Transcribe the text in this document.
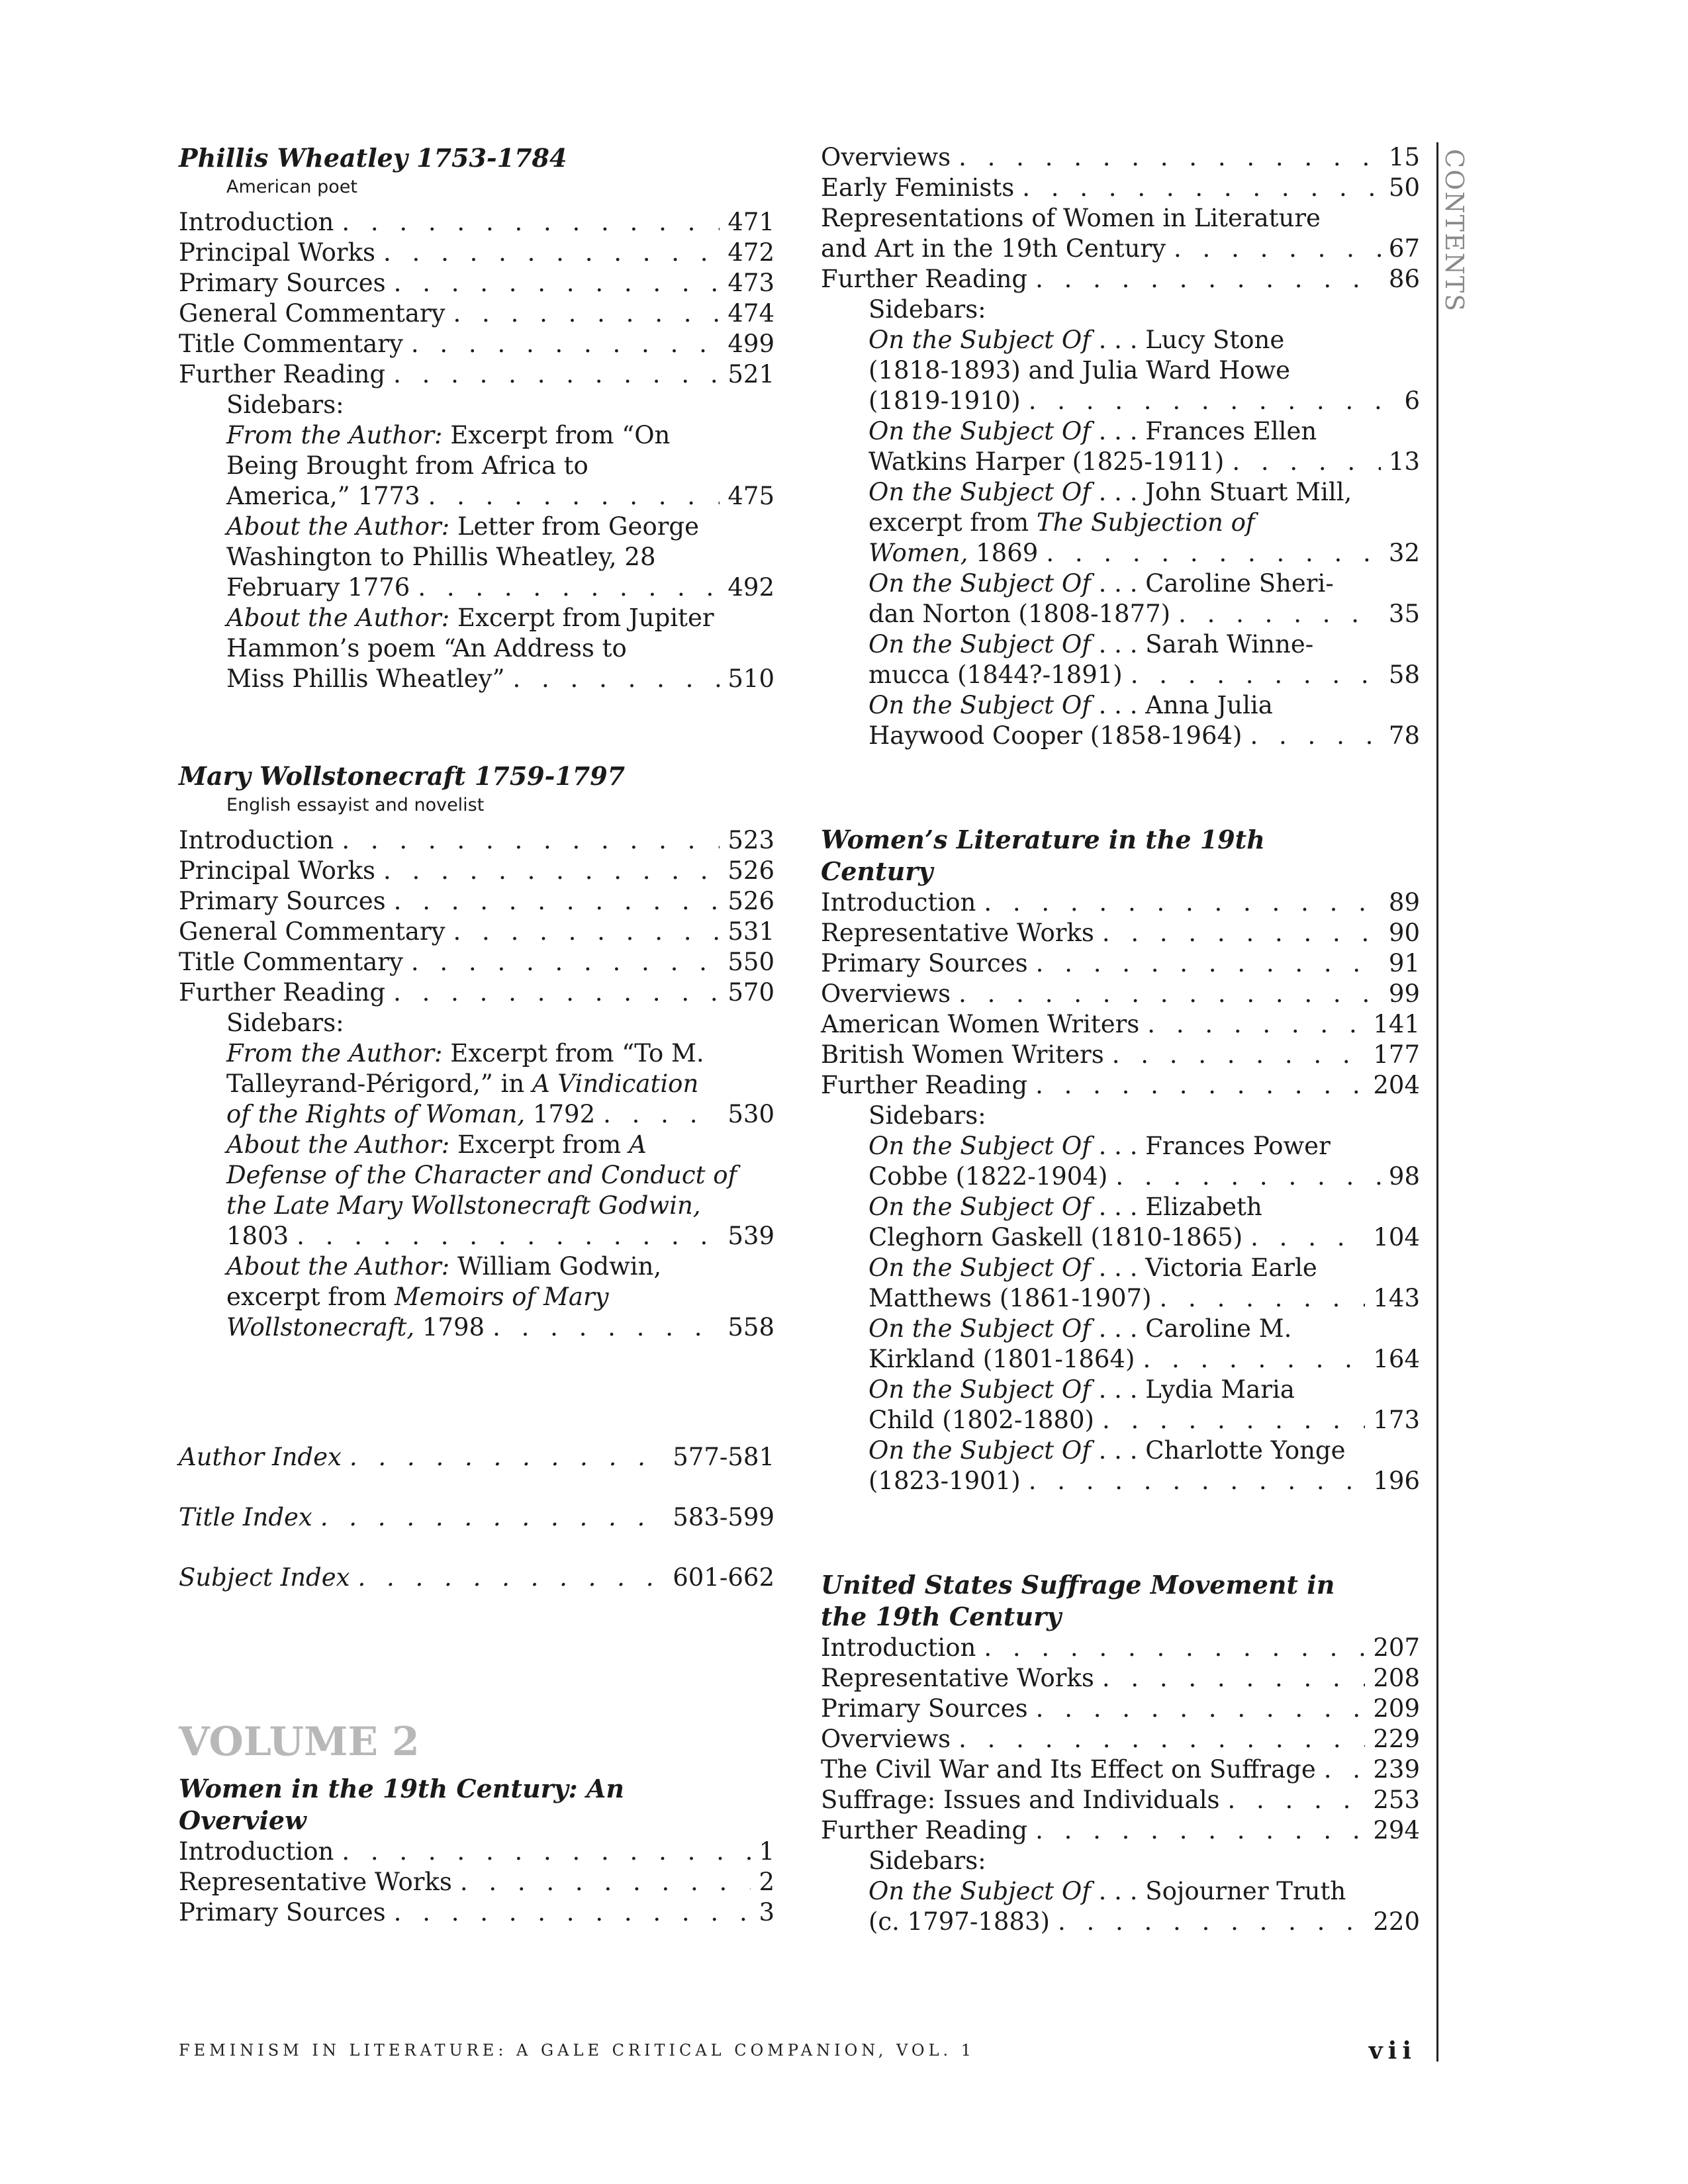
Phillis Wheatley 1753-1784
American poet
Introduction . . .	471
Principal Works . . .	472
Primary Sources . . .	473
General Commentary . . .	474
Title Commentary . . .	499
Further Reading . . .	521
Sidebars:
From the Author: Excerpt from “On
Being Brought from Africa to
America,” 1773 . . .	475
About the Author: Letter from George
Washington to Phillis Wheatley, 28
February 1776 . . .	492
About the Author: Excerpt from Jupiter
Hammon’s poem “An Address to
Miss Phillis Wheatley” . . .	510
Mary Wollstonecraft 1759-1797
English essayist and novelist
Introduction . . .	523
Principal Works . . .	526
Primary Sources . . .	526
General Commentary . . .	531
Title Commentary . . .	550
Further Reading . . .	570
Sidebars:
From the Author: Excerpt from “To M.
Talleyrand-Périgord,” in A Vindication
of the Rights of Woman, 1792 . . .	530
About the Author: Excerpt from A
Defense of the Character and Conduct of
the Late Mary Wollstonecraft Godwin,
1803 . . .	539
About the Author: William Godwin,
excerpt from Memoirs of Mary
Wollstonecraft, 1798 . . .	558
Author Index . . .	577-581
Title Index . . .	583-599
Subject Index . . .	601-662
VOLUME 2
Women in the 19th Century: An
Overview
Introduction . . .	1
Representative Works . . .	2
Primary Sources . . .	3
Overviews . . .	15
Early Feminists . . .	50
Representations of Women in Literature
and Art in the 19th Century . . .	67
Further Reading . . .	86
Sidebars:
On the Subject Of . . . Lucy Stone
(1818-1893) and Julia Ward Howe
(1819-1910) . . .	6
On the Subject Of . . . Frances Ellen
Watkins Harper (1825-1911) . . .	13
On the Subject Of . . . John Stuart Mill,
excerpt from The Subjection of
Women, 1869 . . .	32
On the Subject Of . . . Caroline Sheri-
dan Norton (1808-1877) . . .	35
On the Subject Of . . . Sarah Winne-
mucca (1844?-1891) . . .	58
On the Subject Of . . . Anna Julia
Haywood Cooper (1858-1964) . . .	78
Women’s Literature in the 19th
Century
Introduction . . .	89
Representative Works . . .	90
Primary Sources . . .	91
Overviews . . .	99
American Women Writers . . .	141
British Women Writers . . .	177
Further Reading . . .	204
Sidebars:
On the Subject Of . . . Frances Power
Cobbe (1822-1904) . . .	98
On the Subject Of . . . Elizabeth
Cleghorn Gaskell (1810-1865) . . .	104
On the Subject Of . . . Victoria Earle
Matthews (1861-1907) . . .	143
On the Subject Of . . . Caroline M.
Kirkland (1801-1864) . . .	164
On the Subject Of . . . Lydia Maria
Child (1802-1880) . . .	173
On the Subject Of . . . Charlotte Yonge
(1823-1901) . . .	196
United States Suffrage Movement in
the 19th Century
Introduction . . .	207
Representative Works . . .	208
Primary Sources . . .	209
Overviews . . .	229
The Civil War and Its Effect on Suffrage . . . 239
Suffrage: Issues and Individuals . . .	253
Further Reading . . .	294
Sidebars:
On the Subject Of . . . Sojourner Truth
(c. 1797-1883) . . .	220
CONTENTS
FEMINISM IN LITERATURE: A GALE CRITICAL COMPANION, VOL. 1	vii
